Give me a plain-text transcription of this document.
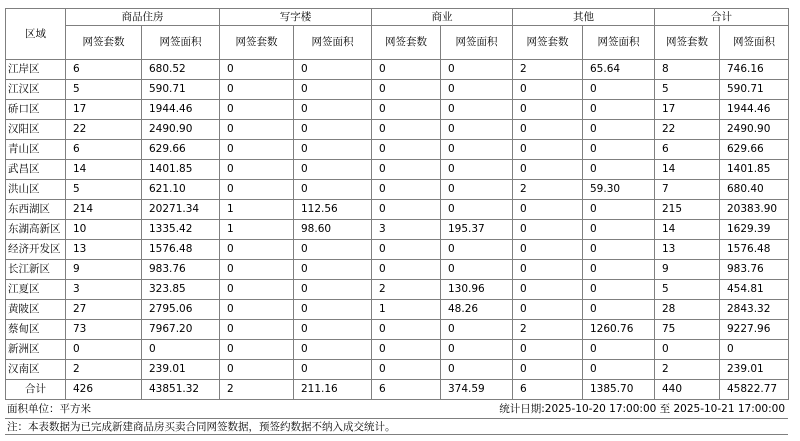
区域	商品住房		写字楼		商业		其他		合计	
	网签套数	网签面积	网签套数	网签面积	网签套数	网签面积	网签套数	网签面积	网签套数	网签面积
江岸区	6	680.52	0	0	0	0	2	65.64	8	746.16
江汉区	5	590.71	0	0	0	0	0	0	5	590.71
硚口区	17	1944.46	0	0	0	0	0	0	17	1944.46
汉阳区	22	2490.90	0	0	0	0	0	0	22	2490.90
青山区	6	629.66	0	0	0	0	0	0	6	629.66
武昌区	14	1401.85	0	0	0	0	0	0	14	1401.85
洪山区	5	621.10	0	0	0	0	2	59.30	7	680.40
东西湖区	214	20271.34	1	112.56	0	0	0	0	215	20383.90
东湖高新区	10	1335.42	1	98.60	3	195.37	0	0	14	1629.39
经济开发区	13	1576.48	0	0	0	0	0	0	13	1576.48
长江新区	9	983.76	0	0	0	0	0	0	9	983.76
江夏区	3	323.85	0	0	2	130.96	0	0	5	454.81
黄陂区	27	2795.06	0	0	1	48.26	0	0	28	2843.32
蔡甸区	73	7967.20	0	0	0	0	2	1260.76	75	9227.96
新洲区	0	0	0	0	0	0	0	0	0	0
汉南区	2	239.01	0	0	0	0	0	0	2	239.01
合计	426	43851.32	2	211.16	6	374.59	6	1385.70	440	45822.77
面积单位：平方米	统计日期:2025-10-20 17:00:00 至 2025-10-21 17:00:00
注：本表数据为已完成新建商品房买卖合同网签数据，预签约数据不纳入成交统计。
